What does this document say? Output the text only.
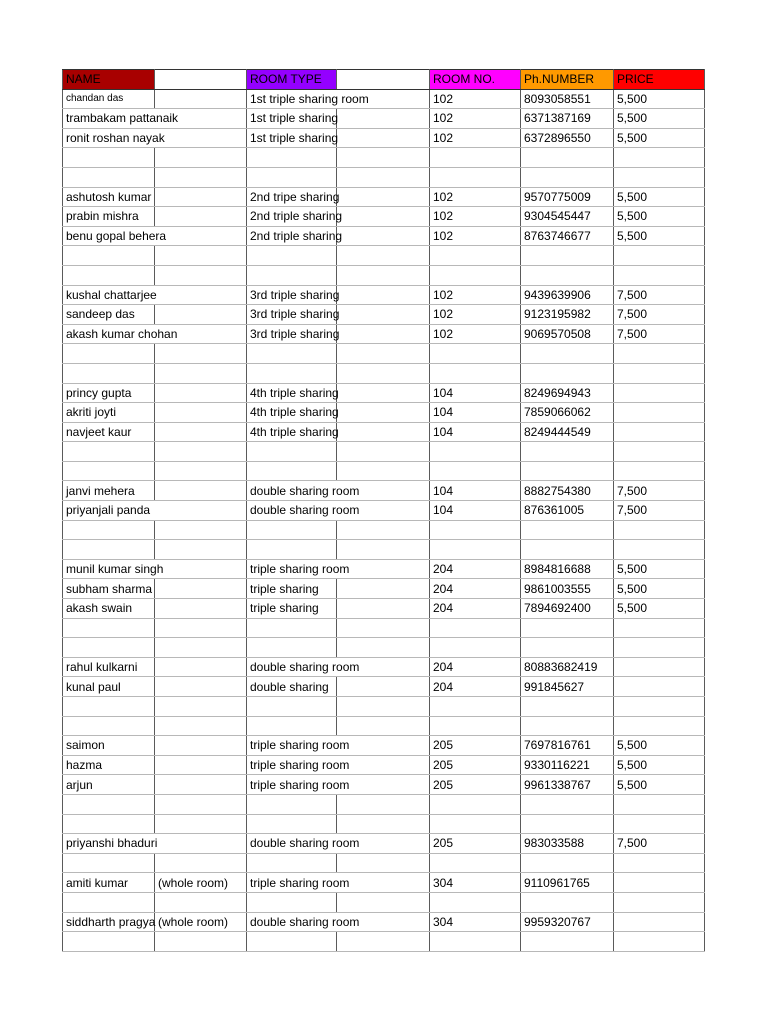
NAME		ROOM TYPE		ROOM NO.	Ph.NUMBER	PRICE
chandan das		1st triple sharing room		102	8093058551	5,500
trambakam pattanaik		1st triple sharing		102	6371387169	5,500
ronit roshan nayak		1st triple sharing		102	6372896550	5,500

ashutosh kumar		2nd tripe sharing		102	9570775009	5,500
prabin mishra		2nd triple sharing		102	9304545447	5,500
benu gopal behera		2nd triple sharing		102	8763746677	5,500

kushal chattarjee		3rd triple sharing		102	9439639906	7,500
sandeep das		3rd triple sharing		102	9123195982	7,500
akash kumar chohan		3rd triple sharing		102	9069570508	7,500

princy gupta		4th triple sharing		104	8249694943	
akriti joyti		4th triple sharing		104	7859066062	
navjeet kaur		4th triple sharing		104	8249444549	

janvi mehera		double sharing room		104	8882754380	7,500
priyanjali panda		double sharing room		104	876361005	7,500

munil kumar singh		triple sharing room		204	8984816688	5,500
subham sharma		triple sharing		204	9861003555	5,500
akash swain		triple sharing		204	7894692400	5,500

rahul kulkarni		double sharing room		204	80883682419	
kunal paul		double sharing		204	991845627	

saimon		triple sharing room		205	7697816761	5,500
hazma		triple sharing room		205	9330116221	5,500
arjun		triple sharing room		205	9961338767	5,500

priyanshi bhaduri		double sharing room		205	983033588	7,500

amiti kumar	(whole room)	triple sharing room		304	9110961765	

siddharth pragya	(whole room)	double sharing room		304	9959320767	
